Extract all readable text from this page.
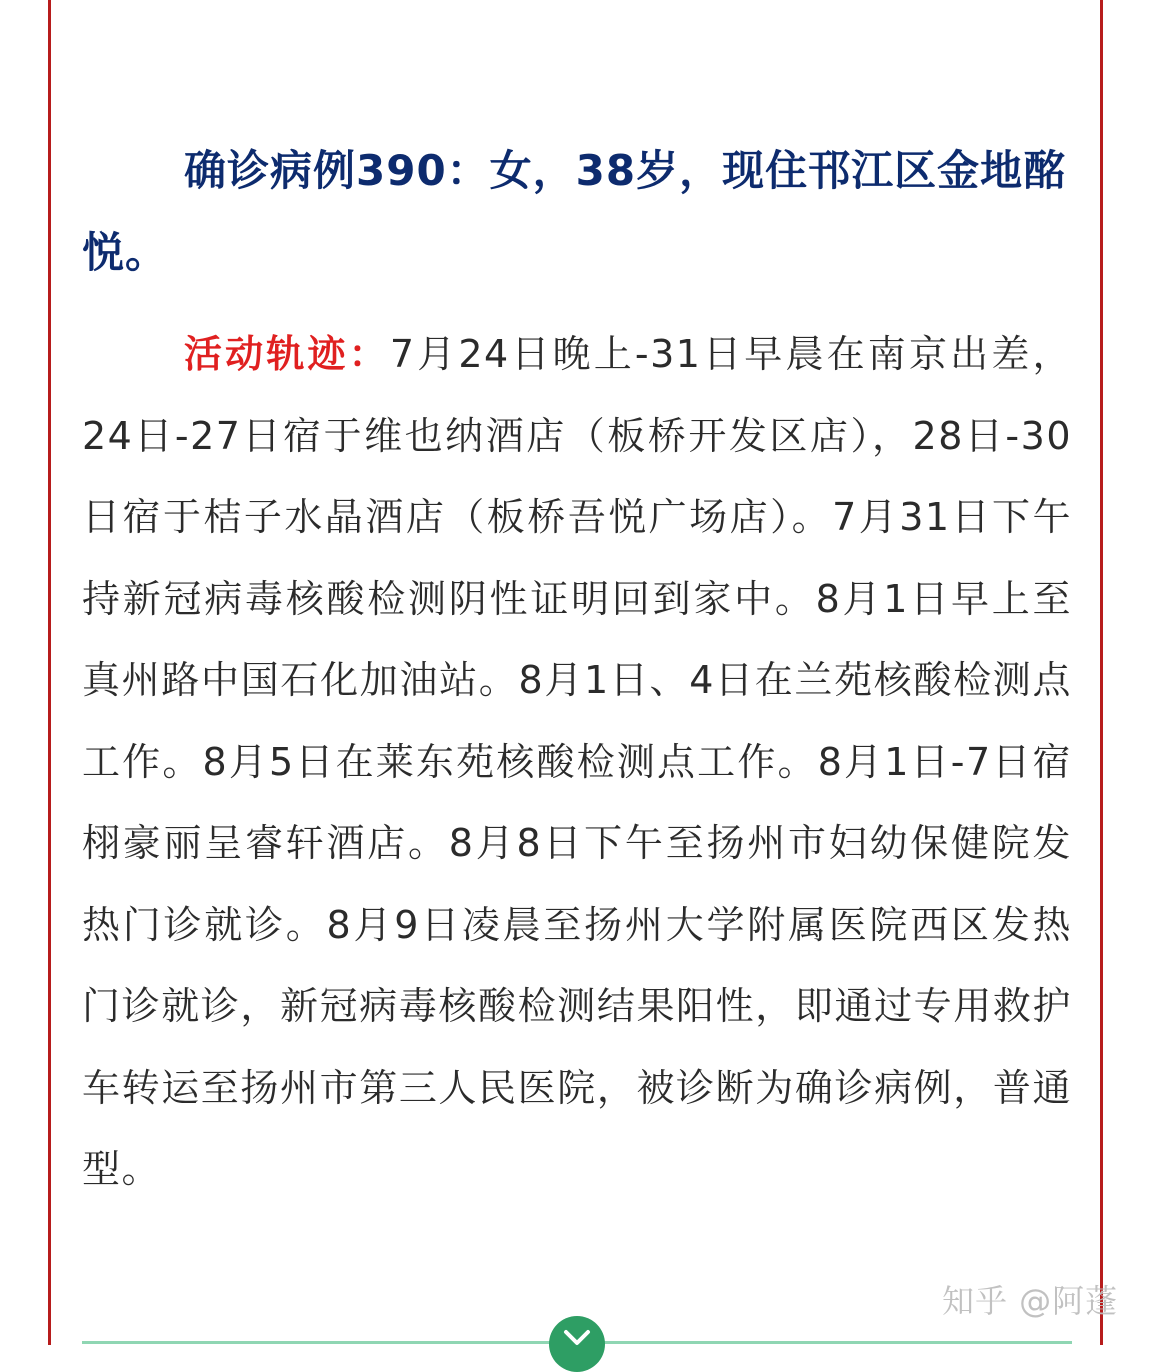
确诊病例390：女，38岁，现住邗江区金地酩悦。

活动轨迹：7月24日晚上-31日早晨在南京出差，24日-27日宿于维也纳酒店（板桥开发区店），28日-30日宿于桔子水晶酒店（板桥吾悦广场店）。7月31日下午持新冠病毒核酸检测阴性证明回到家中。8月1日早上至真州路中国石化加油站。8月1日、4日在兰苑核酸检测点工作。8月5日在莱东苑核酸检测点工作。8月1日-7日宿栩豪丽呈睿轩酒店。8月8日下午至扬州市妇幼保健院发热门诊就诊。8月9日凌晨至扬州大学附属医院西区发热门诊就诊，新冠病毒核酸检测结果阳性，即通过专用救护车转运至扬州市第三人民医院，被诊断为确诊病例，普通型。

知乎 @阿蓬
